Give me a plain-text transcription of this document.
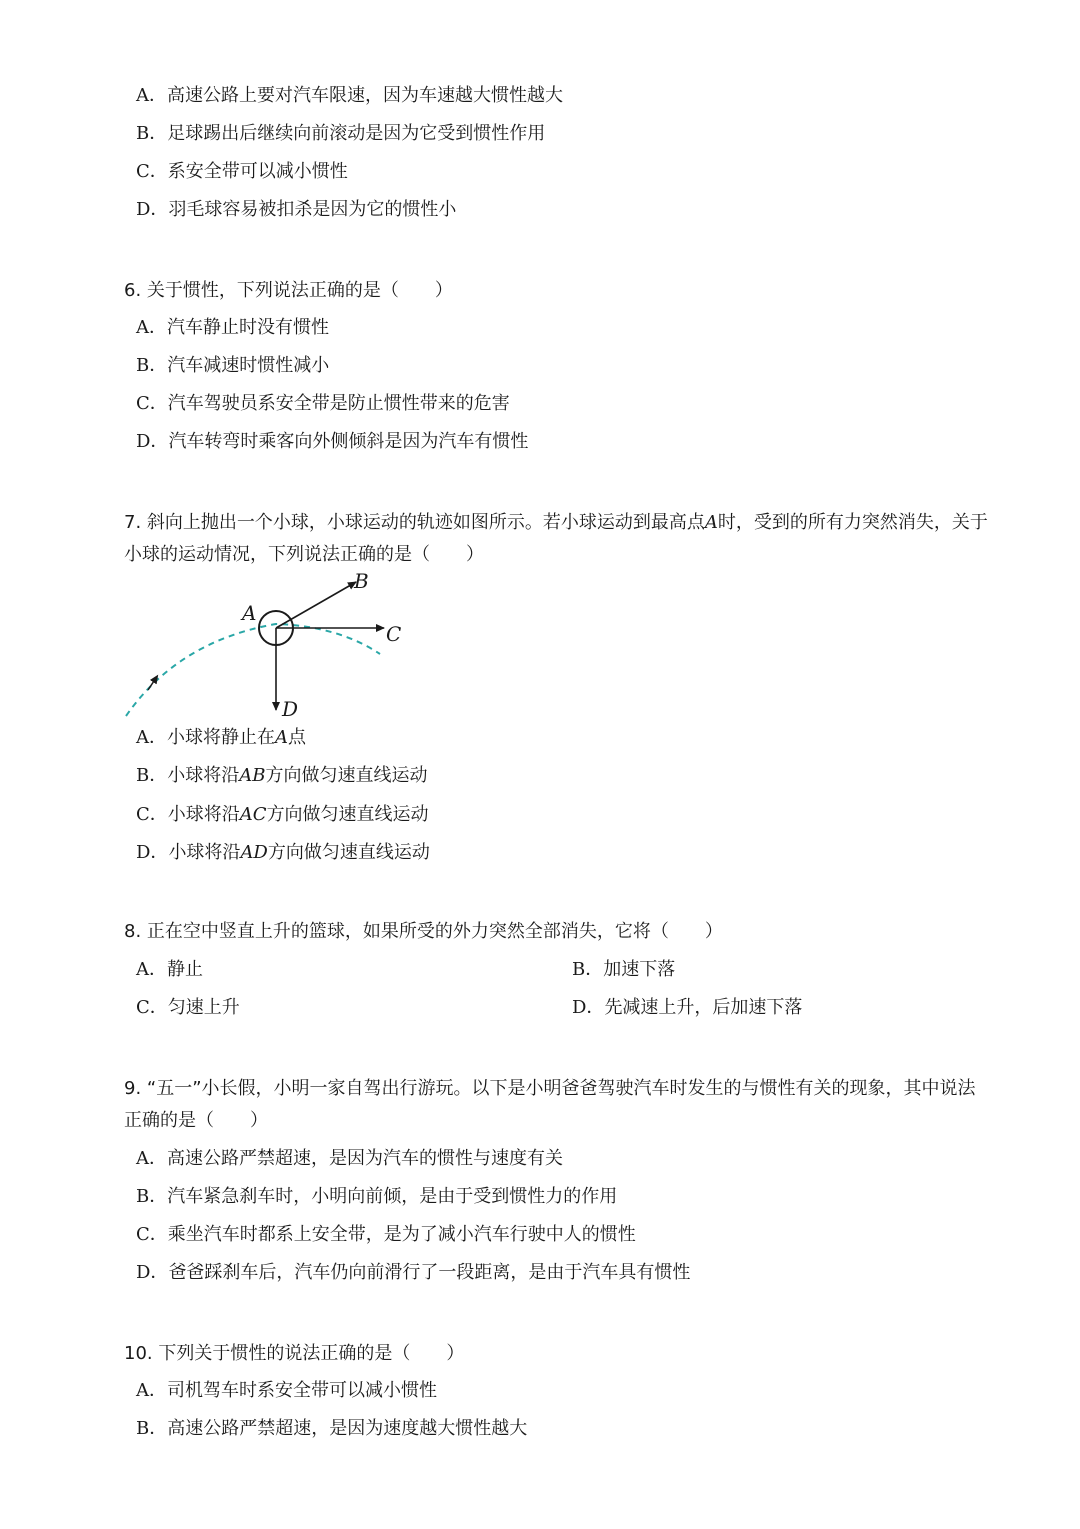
A．高速公路上要对汽车限速，因为车速越大惯性越大
B．足球踢出后继续向前滚动是因为它受到惯性作用
C．系安全带可以减小惯性
D．羽毛球容易被扣杀是因为它的惯性小

6. 关于惯性，下列说法正确的是（　　）

A．汽车静止时没有惯性
B．汽车减速时惯性减小
C．汽车驾驶员系安全带是防止惯性带来的危害
D．汽车转弯时乘客向外侧倾斜是因为汽车有惯性

7. 斜向上抛出一个小球，小球运动的轨迹如图所示。若小球运动到最高点A时，受到的所有力突然消失，关于
小球的运动情况，下列说法正确的是（　　）

A
B
C
D
A．小球将静止在A点
B．小球将沿AB方向做匀速直线运动
C．小球将沿AC方向做匀速直线运动
D．小球将沿AD方向做匀速直线运动

8. 正在空中竖直上升的篮球，如果所受的外力突然全部消失，它将（　　）

A．静止	B．加速下落
C．匀速上升	D．先减速上升，后加速下落

9. “五一”小长假，小明一家自驾出行游玩。以下是小明爸爸驾驶汽车时发生的与惯性有关的现象，其中说法
正确的是（　　）

A．高速公路严禁超速，是因为汽车的惯性与速度有关
B．汽车紧急刹车时，小明向前倾，是由于受到惯性力的作用
C．乘坐汽车时都系上安全带，是为了减小汽车行驶中人的惯性
D．爸爸踩刹车后，汽车仍向前滑行了一段距离，是由于汽车具有惯性

10. 下列关于惯性的说法正确的是（　　）

A．司机驾车时系安全带可以减小惯性
B．高速公路严禁超速，是因为速度越大惯性越大
